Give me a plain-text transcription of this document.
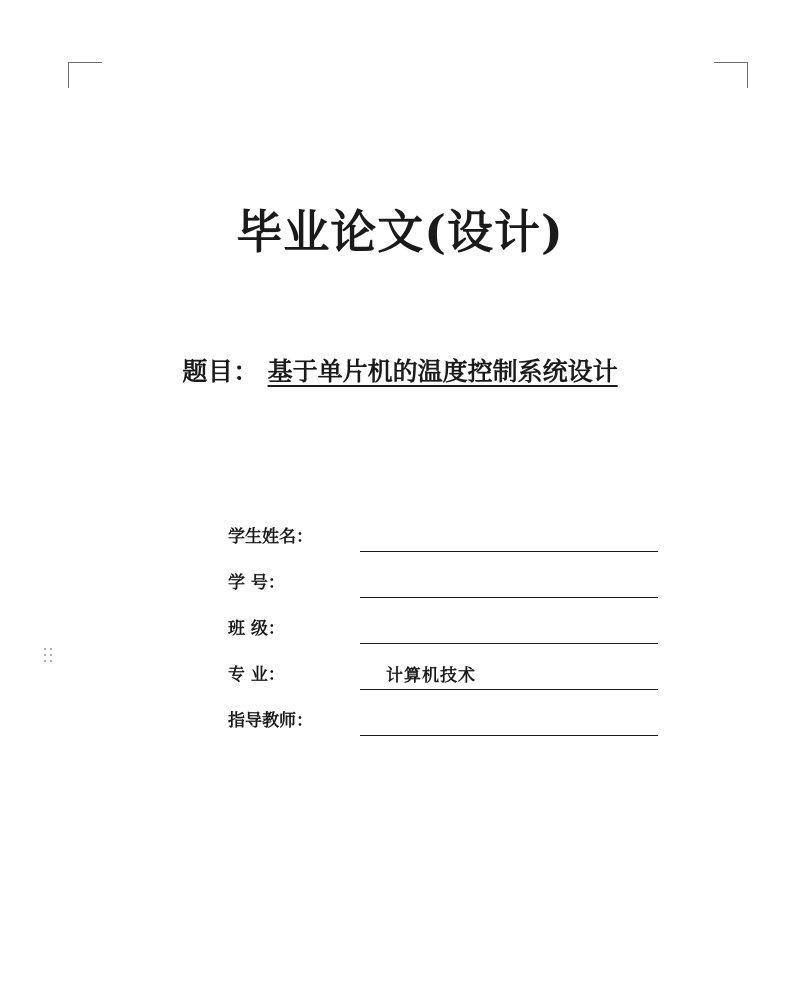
毕业论文(设计)
题目： 基于单片机的温度控制系统设计
学生姓名：
学 号：
班 级：
专 业：	计算机技术
指导教师：
